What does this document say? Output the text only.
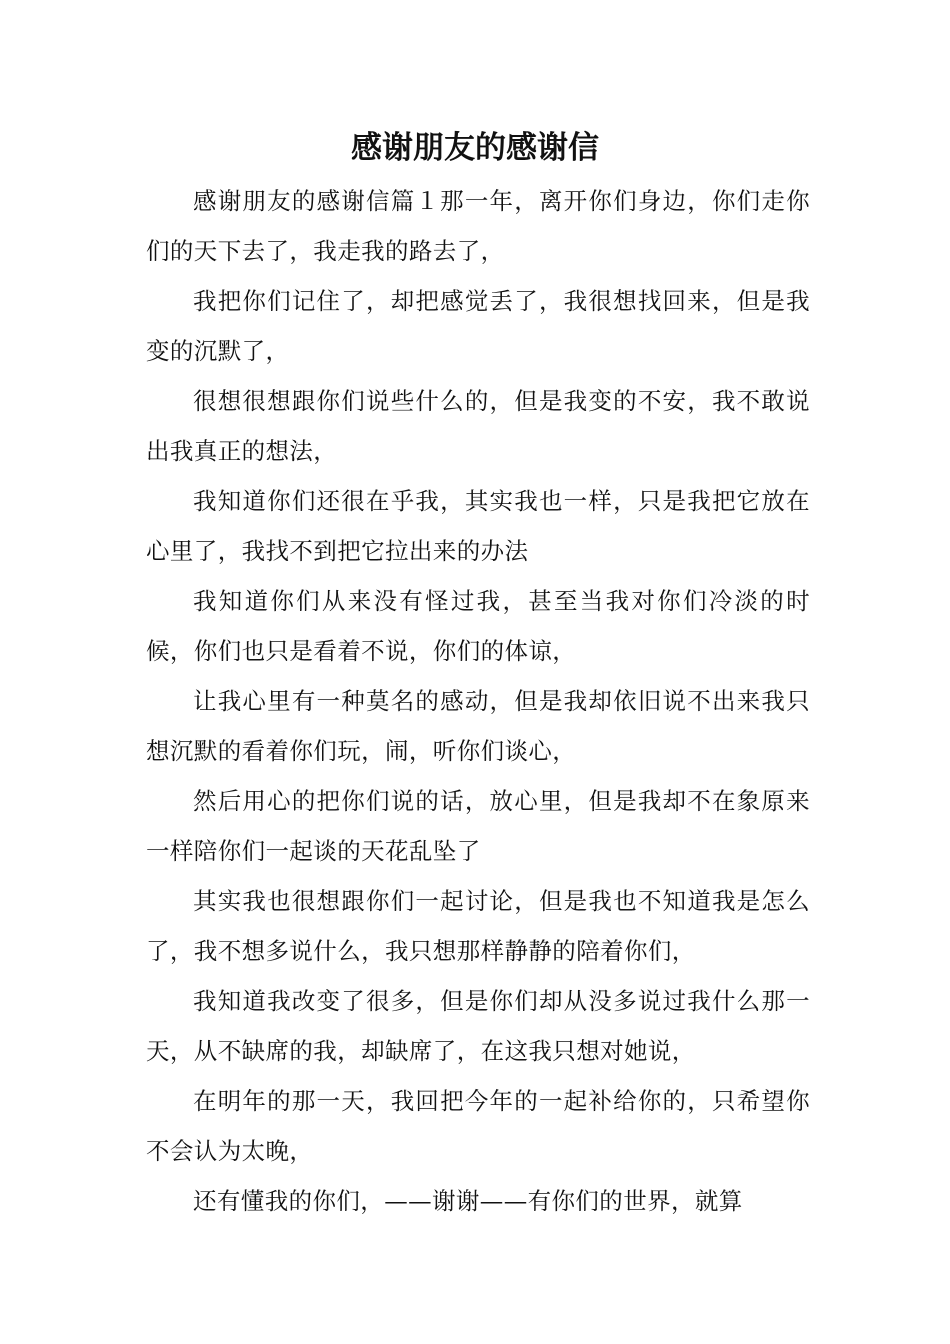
感谢朋友的感谢信

感谢朋友的感谢信篇１那一年，离开你们身边，你们走你们的天下去了，我走我的路去了，

我把你们记住了，却把感觉丢了，我很想找回来，但是我变的沉默了，

很想很想跟你们说些什么的，但是我变的不安，我不敢说出我真正的想法，

我知道你们还很在乎我，其实我也一样，只是我把它放在心里了，我找不到把它拉出来的办法

我知道你们从来没有怪过我，甚至当我对你们冷淡的时候，你们也只是看着不说，你们的体谅，

让我心里有一种莫名的感动，但是我却依旧说不出来我只想沉默的看着你们玩，闹，听你们谈心，

然后用心的把你们说的话，放心里，但是我却不在象原来一样陪你们一起谈的天花乱坠了

其实我也很想跟你们一起讨论，但是我也不知道我是怎么了，我不想多说什么，我只想那样静静的陪着你们，

我知道我改变了很多，但是你们却从没多说过我什么那一天，从不缺席的我，却缺席了，在这我只想对她说，

在明年的那一天，我回把今年的一起补给你的，只希望你不会认为太晚，

还有懂我的你们，——谢谢——有你们的世界，就算
